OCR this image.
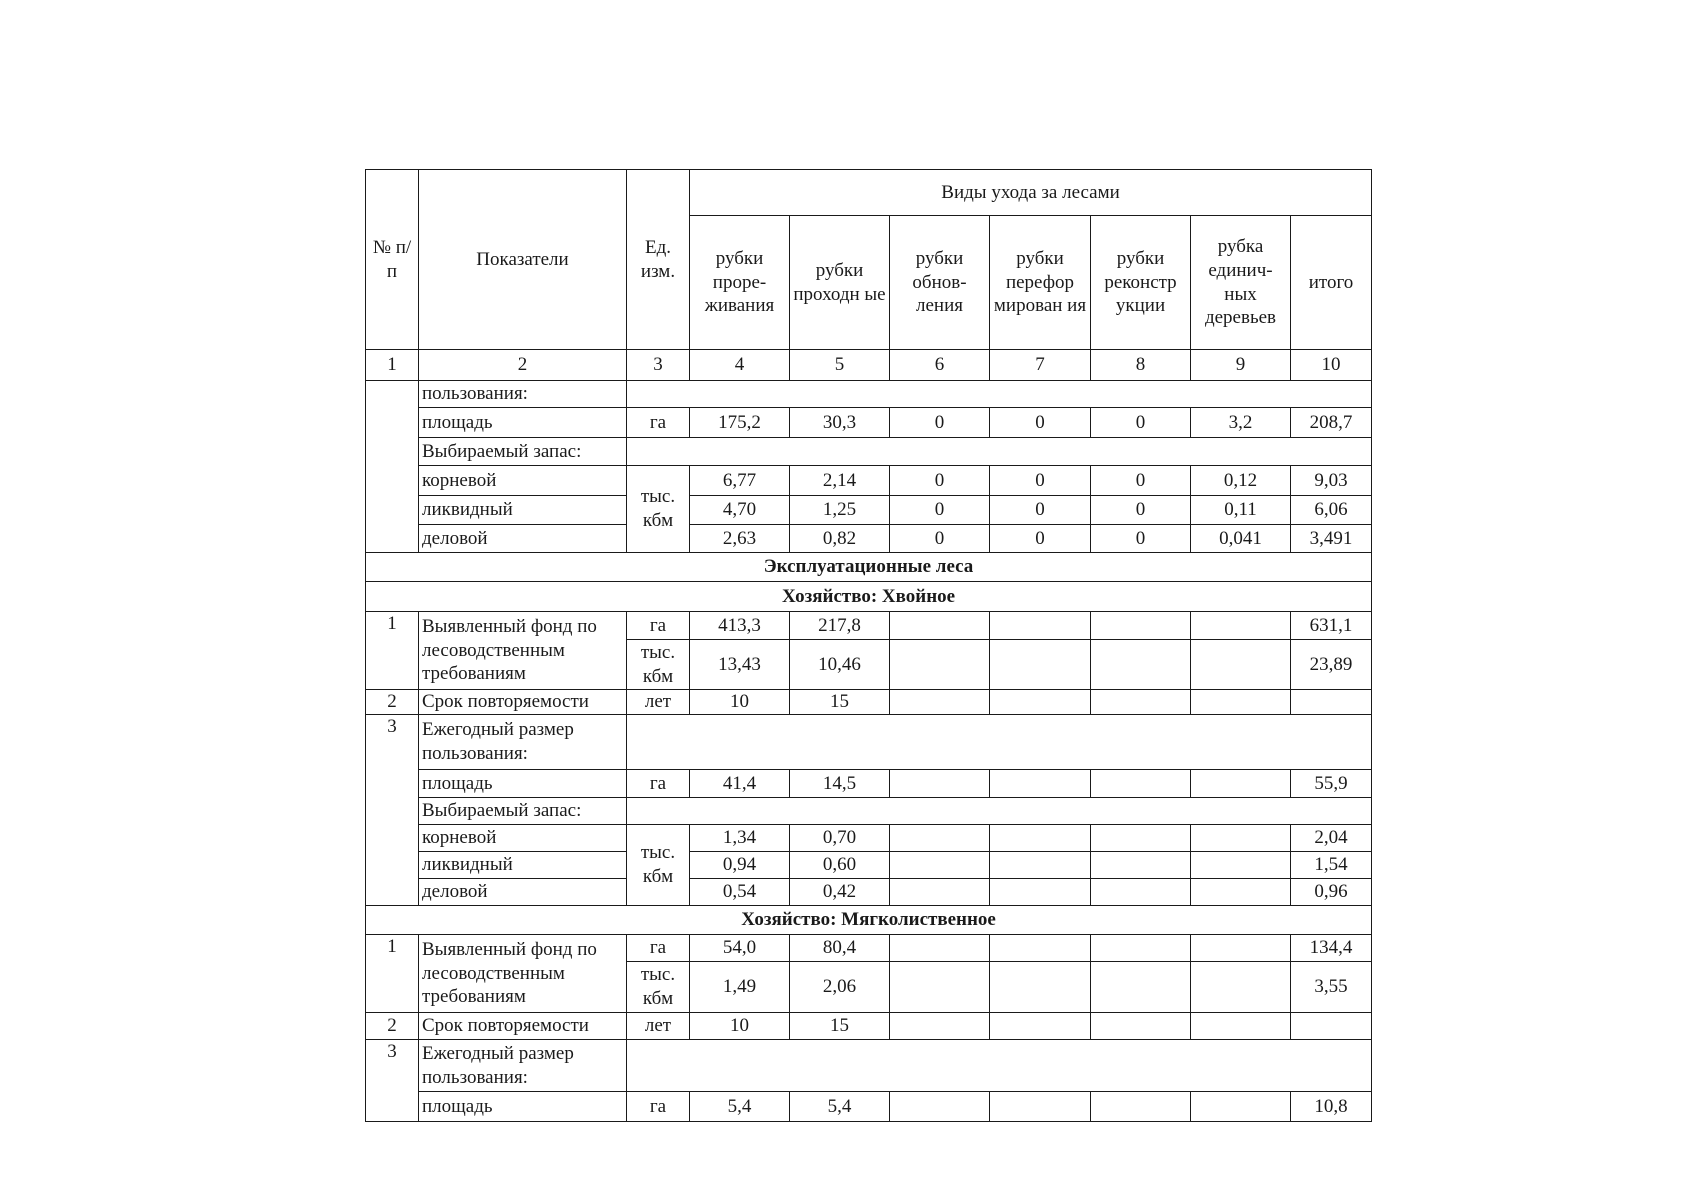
№ п/п	Показатели	Ед. изм.	Виды ухода за лесами						
			рубки проре-живания	рубки проходн ые	рубки обнов-ления	рубки перефор мирован ия	рубки реконстр укции	рубка единич-ных деревьев	итого
1	2	3	4	5	6	7	8	9	10
	пользования:								
	площадь	га	175,2	30,3	0	0	0	3,2	208,7
	Выбираемый запас:								
	корневой	тыс. кбм	6,77	2,14	0	0	0	0,12	9,03
	ликвидный		4,70	1,25	0	0	0	0,11	6,06
	деловой		2,63	0,82	0	0	0	0,041	3,491
Эксплуатационные леса									
Хозяйство: Хвойное									
1	Выявленный фонд по лесоводственным требованиям	га	413,3	217,8					631,1
		тыс. кбм	13,43	10,46					23,89
2	Срок повторяемости	лет	10	15					
3	Ежегодный размер пользования:								
	площадь	га	41,4	14,5					55,9
	Выбираемый запас:								
	корневой	тыс. кбм	1,34	0,70					2,04
	ликвидный		0,94	0,60					1,54
	деловой		0,54	0,42					0,96
Хозяйство: Мягколиственное									
1	Выявленный фонд по лесоводственным требованиям	га	54,0	80,4					134,4
		тыс. кбм	1,49	2,06					3,55
2	Срок повторяемости	лет	10	15					
3	Ежегодный размер пользования:								
	площадь	га	5,4	5,4					10,8
